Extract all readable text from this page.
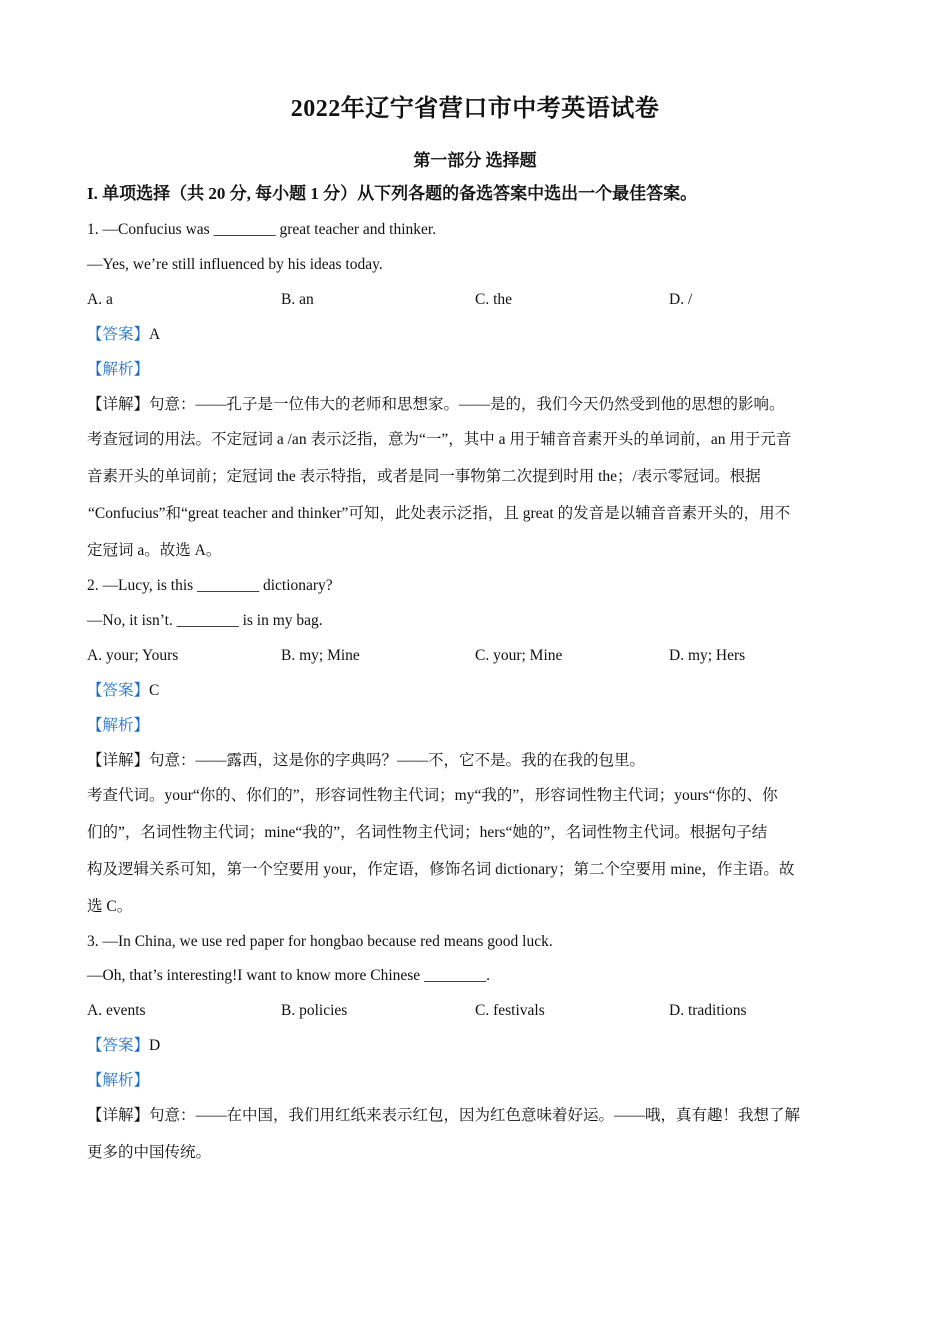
2022年辽宁省营口市中考英语试卷
第一部分 选择题
I. 单项选择（共 20 分, 每小题 1 分）从下列各题的备选答案中选出一个最佳答案。
1. —Confucius was ________ great teacher and thinker.
—Yes, we’re still influenced by his ideas today.
A. a	B. an	C. the	D. /
【答案】A
【解析】
【详解】句意：——孔子是一位伟大的老师和思想家。——是的，我们今天仍然受到他的思想的影响。
考查冠词的用法。不定冠词 a /an 表示泛指，意为“一”，其中 a 用于辅音音素开头的单词前，an 用于元音
音素开头的单词前；定冠词 the 表示特指，或者是同一事物第二次提到时用 the；/表示零冠词。根据
“Confucius”和“great teacher and thinker”可知，此处表示泛指，且 great 的发音是以辅音音素开头的，用不
定冠词 a。故选 A。
2. —Lucy, is this ________ dictionary?
—No, it isn’t. ________ is in my bag.
A. your; Yours	B. my; Mine	C. your; Mine	D. my; Hers
【答案】C
【解析】
【详解】句意：——露西，这是你的字典吗？——不，它不是。我的在我的包里。
考查代词。your“你的、你们的”，形容词性物主代词；my“我的”，形容词性物主代词；yours“你的、你
们的”，名词性物主代词；mine“我的”，名词性物主代词；hers“她的”，名词性物主代词。根据句子结
构及逻辑关系可知，第一个空要用 your，作定语，修饰名词 dictionary；第二个空要用 mine，作主语。故
选 C。
3. —In China, we use red paper for hongbao because red means good luck.
—Oh, that’s interesting!I want to know more Chinese ________.
A. events	B. policies	C. festivals	D. traditions
【答案】D
【解析】
【详解】句意：——在中国，我们用红纸来表示红包，因为红色意味着好运。——哦，真有趣！我想了解
更多的中国传统。
